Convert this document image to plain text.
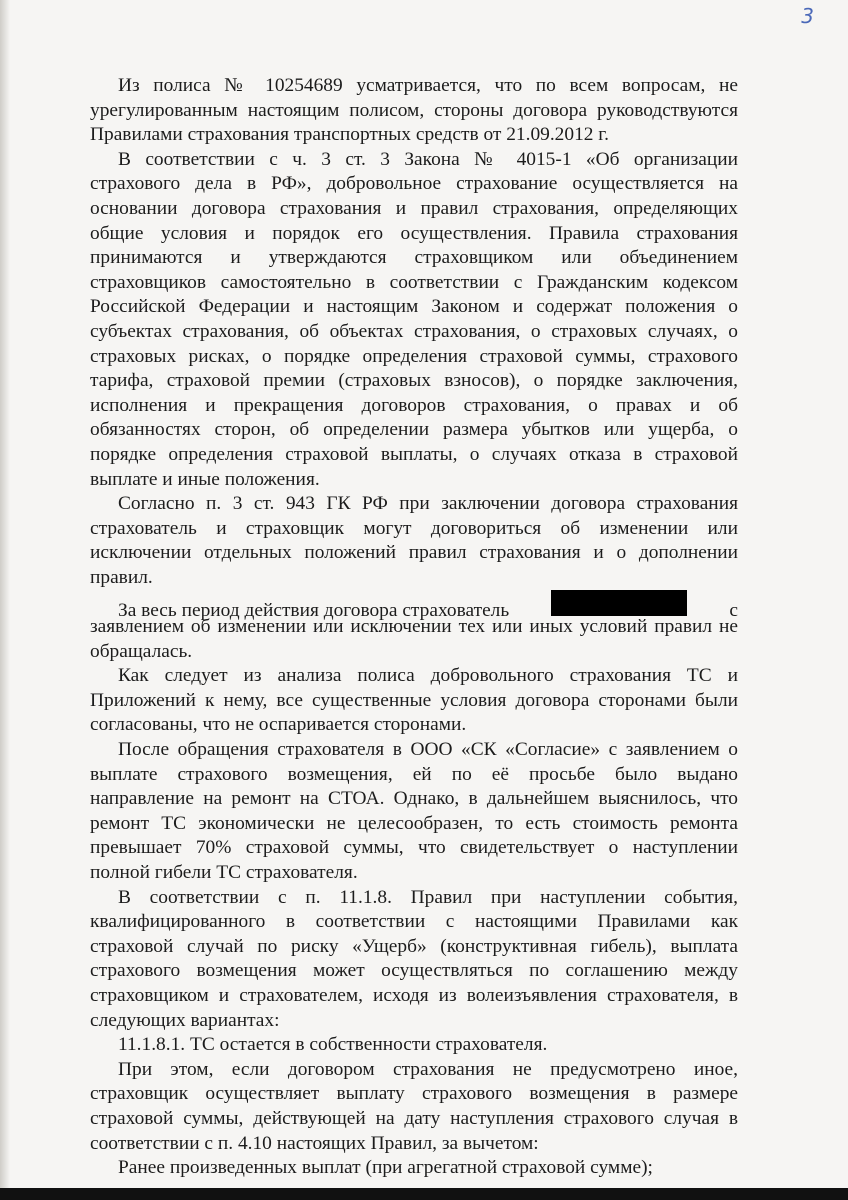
3
Из полиса № 10254689 усматривается, что по всем вопросам, не
урегулированным настоящим полисом, стороны договора руководствуются
Правилами страхования транспортных средств от 21.09.2012 г.
В соответствии с ч. 3 ст. 3 Закона № 4015-1 «Об организации
страхового дела в РФ», добровольное страхование осуществляется на
основании договора страхования и правил страхования, определяющих
общие условия и порядок его осуществления. Правила страхования
принимаются и утверждаются страховщиком или объединением
страховщиков самостоятельно в соответствии с Гражданским кодексом
Российской Федерации и настоящим Законом и содержат положения о
субъектах страхования, об объектах страхования, о страховых случаях, о
страховых рисках, о порядке определения страховой суммы, страхового
тарифа, страховой премии (страховых взносов), о порядке заключения,
исполнения и прекращения договоров страхования, о правах и об
обязанностях сторон, об определении размера убытков или ущерба, о
порядке определения страховой выплаты, о случаях отказа в страховой
выплате и иные положения.
Согласно п. 3 ст. 943 ГК РФ при заключении договора страхования
страхователь и страховщик могут договориться об изменении или
исключении отдельных положений правил страхования и о дополнении
правил.
За весь период действия договора страхователь	с
заявлением об изменении или исключении тех или иных условий правил не
обращалась.
Как следует из анализа полиса добровольного страхования ТС и
Приложений к нему, все существенные условия договора сторонами были
согласованы, что не оспаривается сторонами.
После обращения страхователя в ООО «СК «Согласие» с заявлением о
выплате страхового возмещения, ей по её просьбе было выдано
направление на ремонт на СТОА. Однако, в дальнейшем выяснилось, что
ремонт ТС экономически не целесообразен, то есть стоимость ремонта
превышает 70% страховой суммы, что свидетельствует о наступлении
полной гибели ТС страхователя.
В соответствии с п. 11.1.8. Правил при наступлении события,
квалифицированного в соответствии с настоящими Правилами как
страховой случай по риску «Ущерб» (конструктивная гибель), выплата
страхового возмещения может осуществляться по соглашению между
страховщиком и страхователем, исходя из волеизъявления страхователя, в
следующих вариантах:
11.1.8.1. ТС остается в собственности страхователя.
При этом, если договором страхования не предусмотрено иное,
страховщик осуществляет выплату страхового возмещения в размере
страховой суммы, действующей на дату наступления страхового случая в
соответствии с п. 4.10 настоящих Правил, за вычетом:
Ранее произведенных выплат (при агрегатной страховой сумме);
